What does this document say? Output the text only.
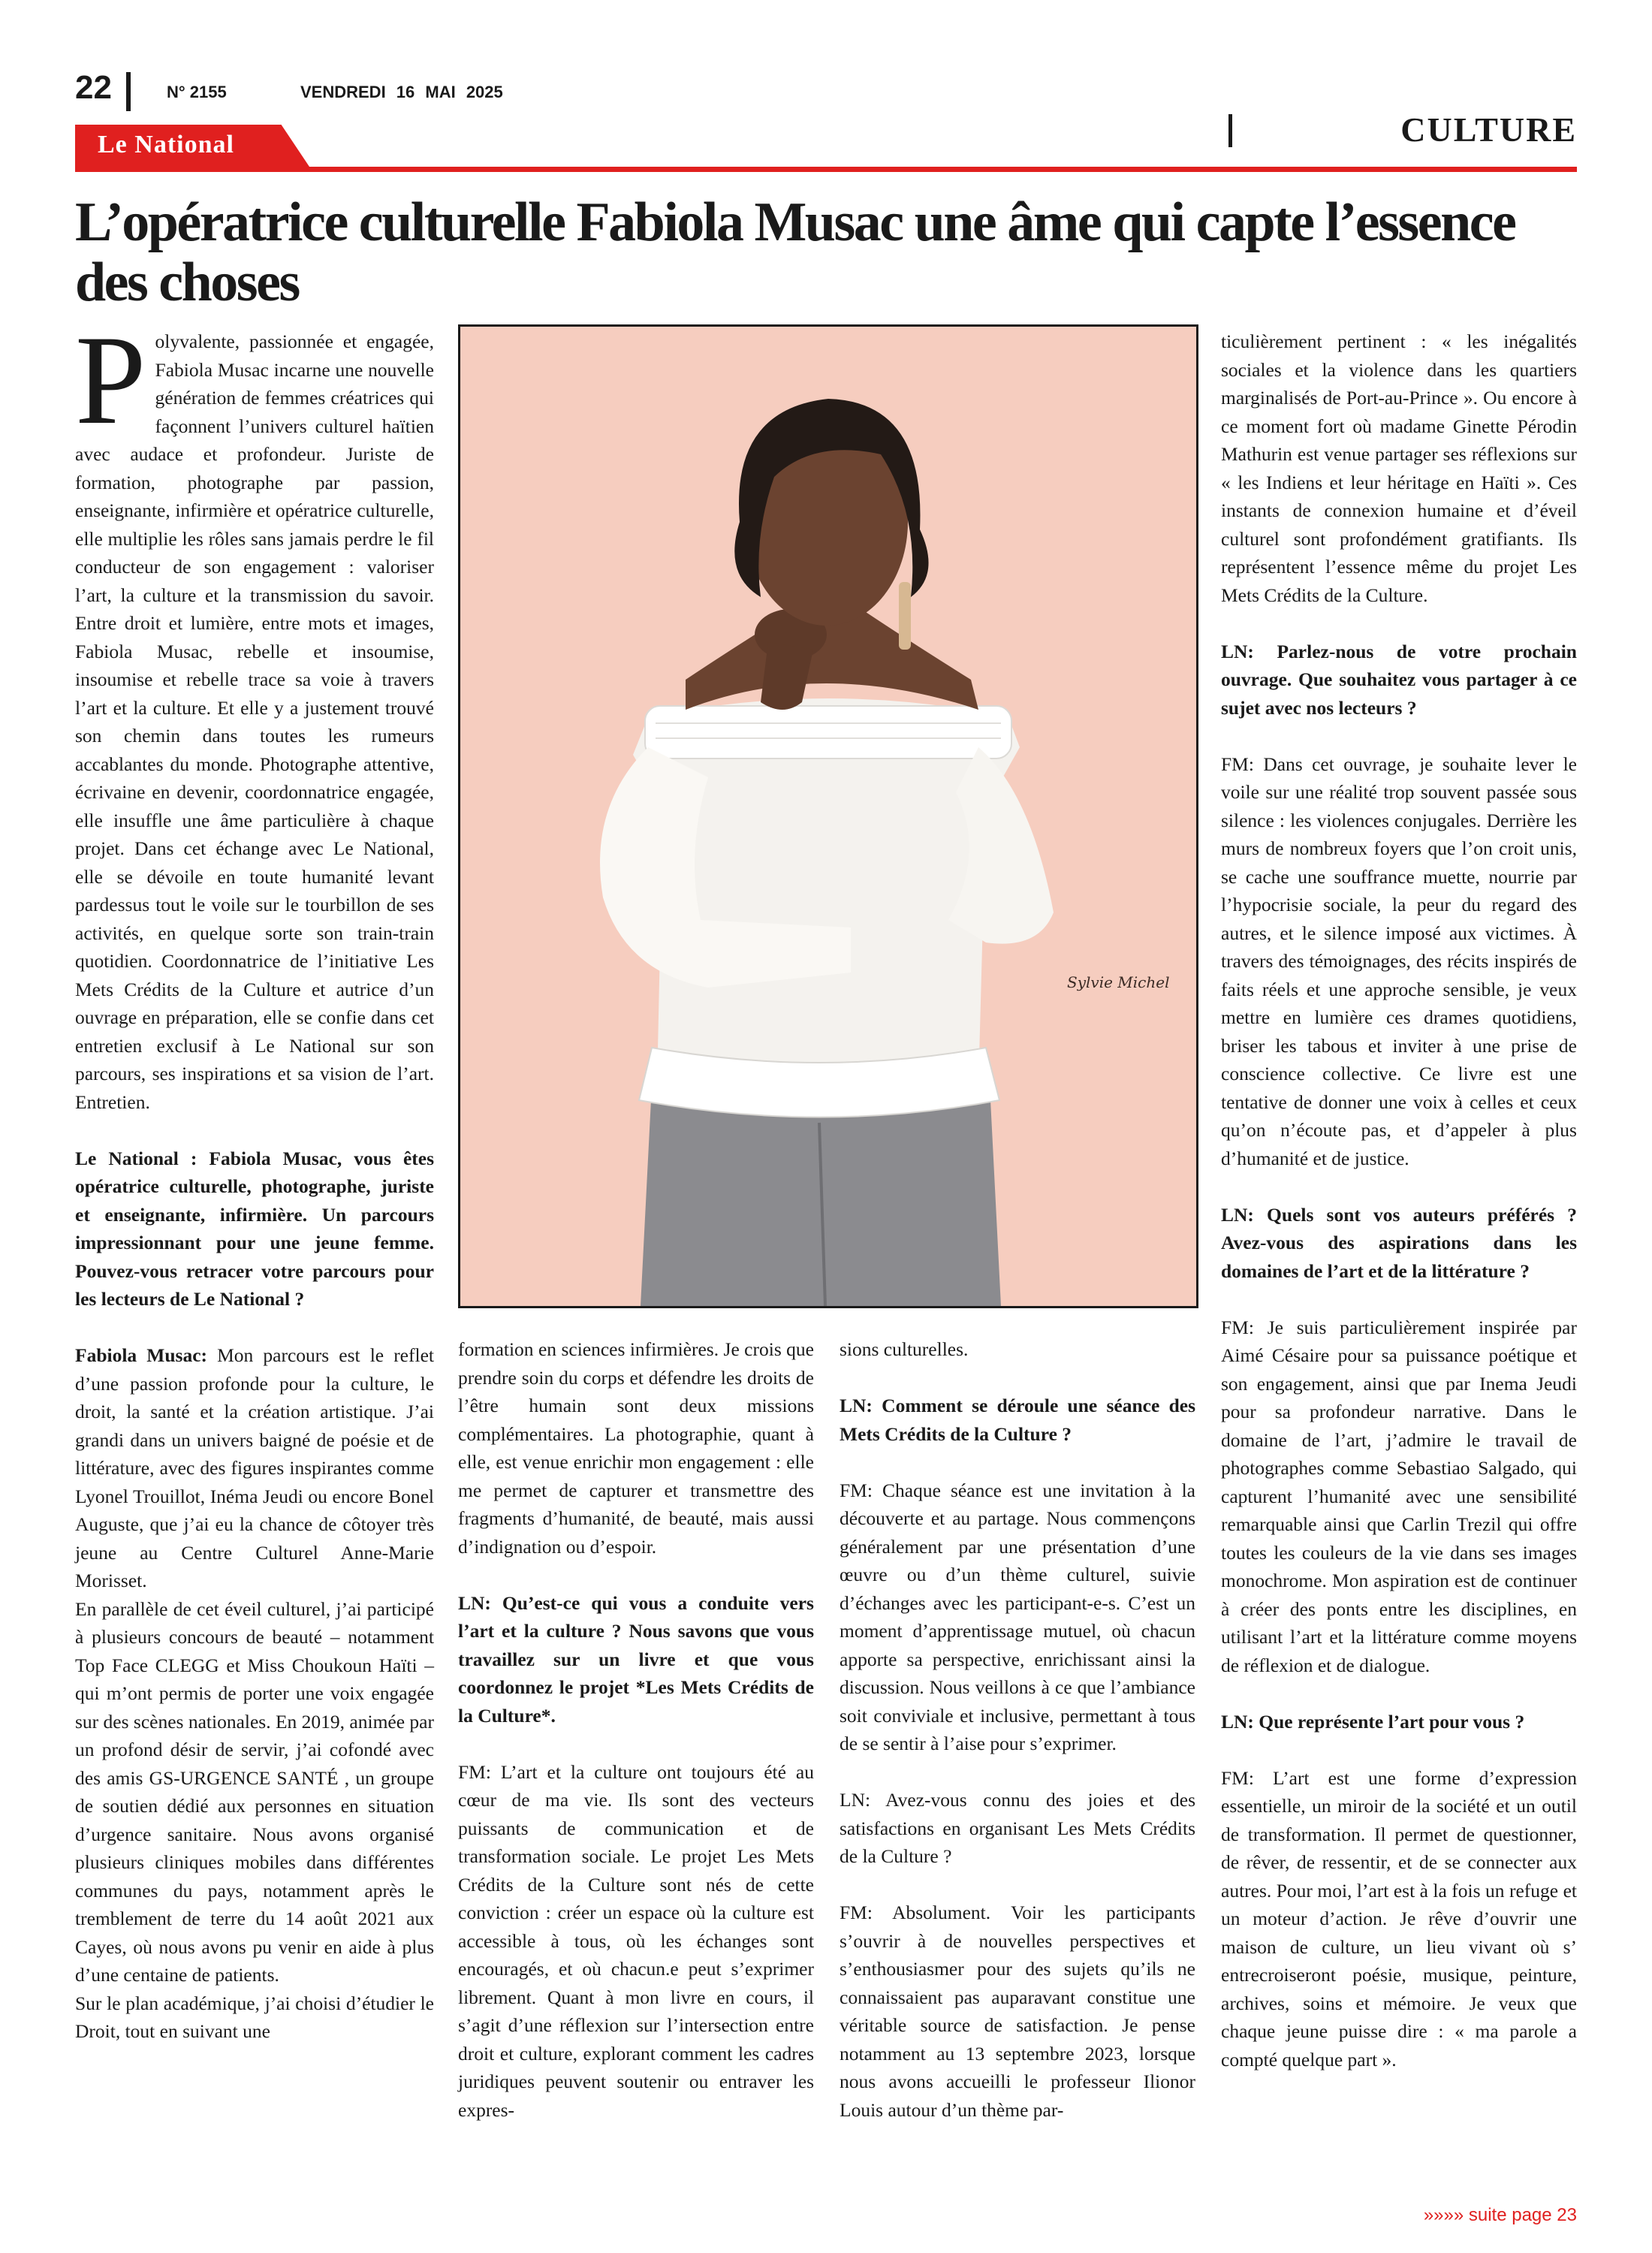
22	N° 2155	VENDREDI 16 MAI 2025
Le National	CULTURE
L’opératrice culturelle Fabiola Musac une âme qui capte l’essence des choses
Sylvie Michel

Polyvalente, passionnée et engagée, Fabiola Musac incarne une nouvelle génération de femmes créatrices qui façonnent l’univers culturel haïtien avec audace et profondeur. Juriste de formation, photographe par passion, enseignante, infirmière et opératrice culturelle, elle multiplie les rôles sans jamais perdre le fil conducteur de son engagement : valoriser l’art, la culture et la transmission du savoir. Entre droit et lumière, entre mots et images, Fabiola Musac, rebelle et insoumise, insoumise et rebelle trace sa voie à travers l’art et la culture. Et elle y a justement trouvé son chemin dans toutes les rumeurs accablantes du monde. Photographe attentive, écrivaine en devenir, coordonnatrice engagée, elle insuffle une âme particulière à chaque projet. Dans cet échange avec Le National, elle se dévoile en toute humanité levant pardessus tout le voile sur le tourbillon de ses activités, en quelque sorte son train-train quotidien. Coordonnatrice de l’initiative Les Mets Crédits de la Culture et autrice d’un ouvrage en préparation, elle se confie dans cet entretien exclusif à Le National sur son parcours, ses inspirations et sa vision de l’art. Entretien.

Le National : Fabiola Musac, vous êtes opératrice culturelle, photographe, juriste et enseignante, infirmière. Un parcours impressionnant pour une jeune femme. Pouvez-vous retracer votre parcours pour les lecteurs de Le National ?

Fabiola Musac: Mon parcours est le reflet d’une passion profonde pour la culture, le droit, la santé et la création artistique. J’ai grandi dans un univers baigné de poésie et de littérature, avec des figures inspirantes comme Lyonel Trouillot, Inéma Jeudi ou encore Bonel Auguste, que j’ai eu la chance de côtoyer très jeune au Centre Culturel Anne-Marie Morisset.

En parallèle de cet éveil culturel, j’ai participé à plusieurs concours de beauté – notamment Top Face CLEGG et Miss Choukoun Haïti – qui m’ont permis de porter une voix engagée sur des scènes nationales. En 2019, animée par un profond désir de servir, j’ai cofondé avec des amis GS-URGENCE SANTÉ , un groupe de soutien dédié aux personnes en situation d’urgence sanitaire. Nous avons organisé plusieurs cliniques mobiles dans différentes communes du pays, notamment après le tremblement de terre du 14 août 2021 aux Cayes, où nous avons pu venir en aide à plus d’une centaine de patients.

Sur le plan académique, j’ai choisi d’étudier le Droit, tout en suivant une

formation en sciences infirmières. Je crois que prendre soin du corps et défendre les droits de l’être humain sont deux missions complémentaires. La photographie, quant à elle, est venue enrichir mon engagement : elle me permet de capturer et transmettre des fragments d’humanité, de beauté, mais aussi d’indignation ou d’espoir.

LN: Qu’est-ce qui vous a conduite vers l’art et la culture ? Nous savons que vous travaillez sur un livre et que vous coordonnez le projet *Les Mets Crédits de la Culture*.

FM: L’art et la culture ont toujours été au cœur de ma vie. Ils sont des vecteurs puissants de communication et de transformation sociale. Le projet Les Mets Crédits de la Culture sont nés de cette conviction : créer un espace où la culture est accessible à tous, où les échanges sont encouragés, et où chacun.e peut s’exprimer librement. Quant à mon livre en cours, il s’agit d’une réflexion sur l’intersection entre droit et culture, explorant comment les cadres juridiques peuvent soutenir ou entraver les expres-

sions culturelles.

LN: Comment se déroule une séance des Mets Crédits de la Culture ?

FM: Chaque séance est une invitation à la découverte et au partage. Nous commençons généralement par une présentation d’une œuvre ou d’un thème culturel, suivie d’échanges avec les participant-e-s. C’est un moment d’apprentissage mutuel, où chacun apporte sa perspective, enrichissant ainsi la discussion. Nous veillons à ce que l’ambiance soit conviviale et inclusive, permettant à tous de se sentir à l’aise pour s’exprimer.

LN: Avez-vous connu des joies et des satisfactions en organisant Les Mets Crédits de la Culture ?

FM: Absolument. Voir les participants s’ouvrir à de nouvelles perspectives et s’enthousiasmer pour des sujets qu’ils ne connaissaient pas auparavant constitue une véritable source de satisfaction. Je pense notamment au 13 septembre 2023, lorsque nous avons accueilli le professeur Ilionor Louis autour d’un thème par-

ticulièrement pertinent : « les inégalités sociales et la violence dans les quartiers marginalisés de Port-au-Prince ». Ou encore à ce moment fort où madame Ginette Pérodin Mathurin est venue partager ses réflexions sur « les Indiens et leur héritage en Haïti ». Ces instants de connexion humaine et d’éveil culturel sont profondément gratifiants. Ils représentent l’essence même du projet Les Mets Crédits de la Culture.

LN: Parlez-nous de votre prochain ouvrage. Que souhaitez vous partager à ce sujet avec nos lecteurs ?

FM: Dans cet ouvrage, je souhaite lever le voile sur une réalité trop souvent passée sous silence : les violences conjugales. Derrière les murs de nombreux foyers que l’on croit unis, se cache une souffrance muette, nourrie par l’hypocrisie sociale, la peur du regard des autres, et le silence imposé aux victimes. À travers des témoignages, des récits inspirés de faits réels et une approche sensible, je veux mettre en lumière ces drames quotidiens, briser les tabous et inviter à une prise de conscience collective. Ce livre est une tentative de donner une voix à celles et ceux qu’on n’écoute pas, et d’appeler à plus d’humanité et de justice.

LN: Quels sont vos auteurs préférés ? Avez-vous des aspirations dans les domaines de l’art et de la littérature ?

FM: Je suis particulièrement inspirée par Aimé Césaire pour sa puissance poétique et son engagement, ainsi que par Inema Jeudi pour sa profondeur narrative. Dans le domaine de l’art, j’admire le travail de photographes comme Sebastiao Salgado, qui capturent l’humanité avec une sensibilité remarquable ainsi que Carlin Trezil qui offre toutes les couleurs de la vie dans ses images monochrome. Mon aspiration est de continuer à créer des ponts entre les disciplines, en utilisant l’art et la littérature comme moyens de réflexion et de dialogue.

LN: Que représente l’art pour vous ?

FM: L’art est une forme d’expression essentielle, un miroir de la société et un outil de transformation. Il permet de questionner, de rêver, de ressentir, et de se connecter aux autres. Pour moi, l’art est à la fois un refuge et un moteur d’action. Je rêve d’ouvrir une maison de culture, un lieu vivant où s’ entrecroiseront poésie, musique, peinture, archives, soins et mémoire. Je veux que chaque jeune puisse dire : « ma parole a compté quelque part ».

»»»» suite page 23
